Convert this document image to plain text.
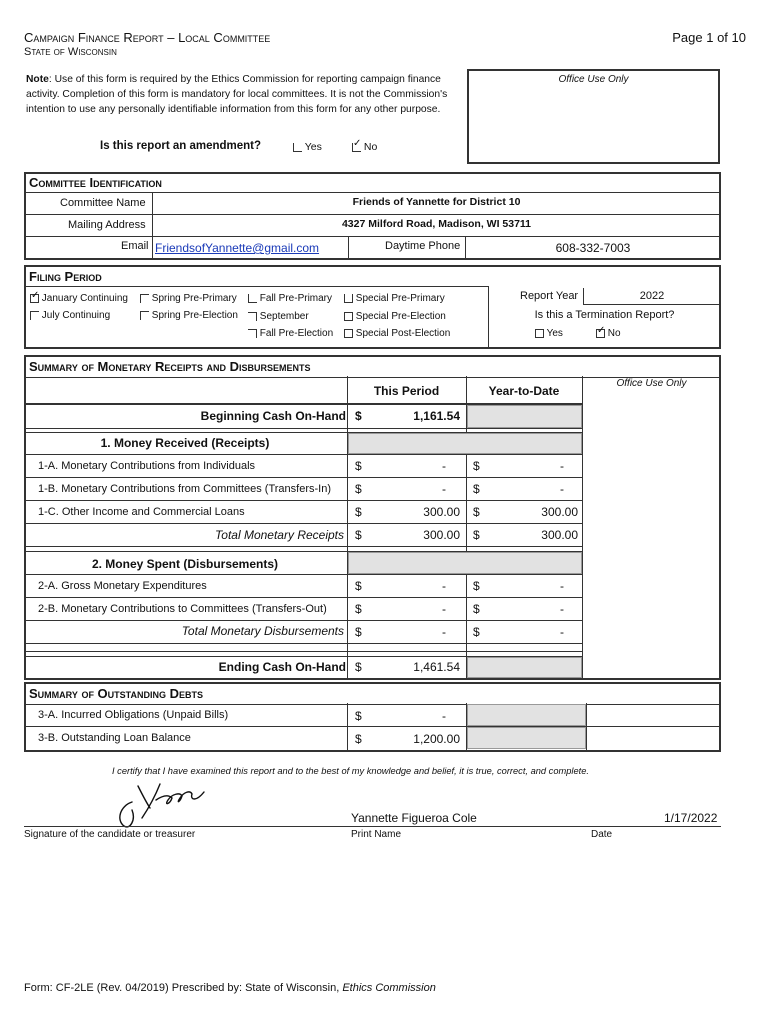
Campaign Finance Report – Local Committee
State of Wisconsin
Page 1 of 10
Note: Use of this form is required by the Ethics Commission for reporting campaign finance activity. Completion of this form is mandatory for local committees. It is not the Commission's intention to use any personally identifiable information from this form for any other purpose.
Office Use Only
Is this report an amendment?	Yes ✓	No
Committee Identification
Committee Name	Friends of Yannette for District 10
Mailing Address	4327 Milford Road, Madison, WI 53711
Email FriendsofYannette@gmail.com	Daytime Phone	608-332-7003
Filing Period
✓ January Continuing
July Continuing
Spring Pre-Primary
Spring Pre-Election
Fall Pre-Primary
September
Fall Pre-Election
Special Pre-Primary
Special Pre-Election
Special Post-Election
Report Year	2022
Is this a Termination Report?
Yes ✓	No
Summary of Monetary Receipts and Disbursements
This Period	Year-to-Date
Office Use Only
Beginning Cash On-Hand $	1,161.54
1. Money Received (Receipts)
1-A. Monetary Contributions from Individuals	$	- $	-
1-B. Monetary Contributions from Committees (Transfers-In) $	- $	-
1-C. Other Income and Commercial Loans	$	300.00 $	300.00
Total Monetary Receipts $	300.00 $	300.00
2. Money Spent (Disbursements)
2-A. Gross Monetary Expenditures	$	- $	-
2-B. Monetary Contributions to Committees (Transfers-Out) $	- $	-
Total Monetary Disbursements $	- $	-
Ending Cash On-Hand $	1,461.54
Summary of Outstanding Debts
3-A. Incurred Obligations (Unpaid Bills)	$	-
3-B. Outstanding Loan Balance	$	1,200.00
I certify that I have examined this report and to the best of my knowledge and belief, it is true, correct, and complete.
Yannette Figueroa Cole	1/17/2022
Signature of the candidate or treasurer	Print Name	Date
Form: CF-2LE (Rev. 04/2019) Prescribed by: State of Wisconsin, Ethics Commission
